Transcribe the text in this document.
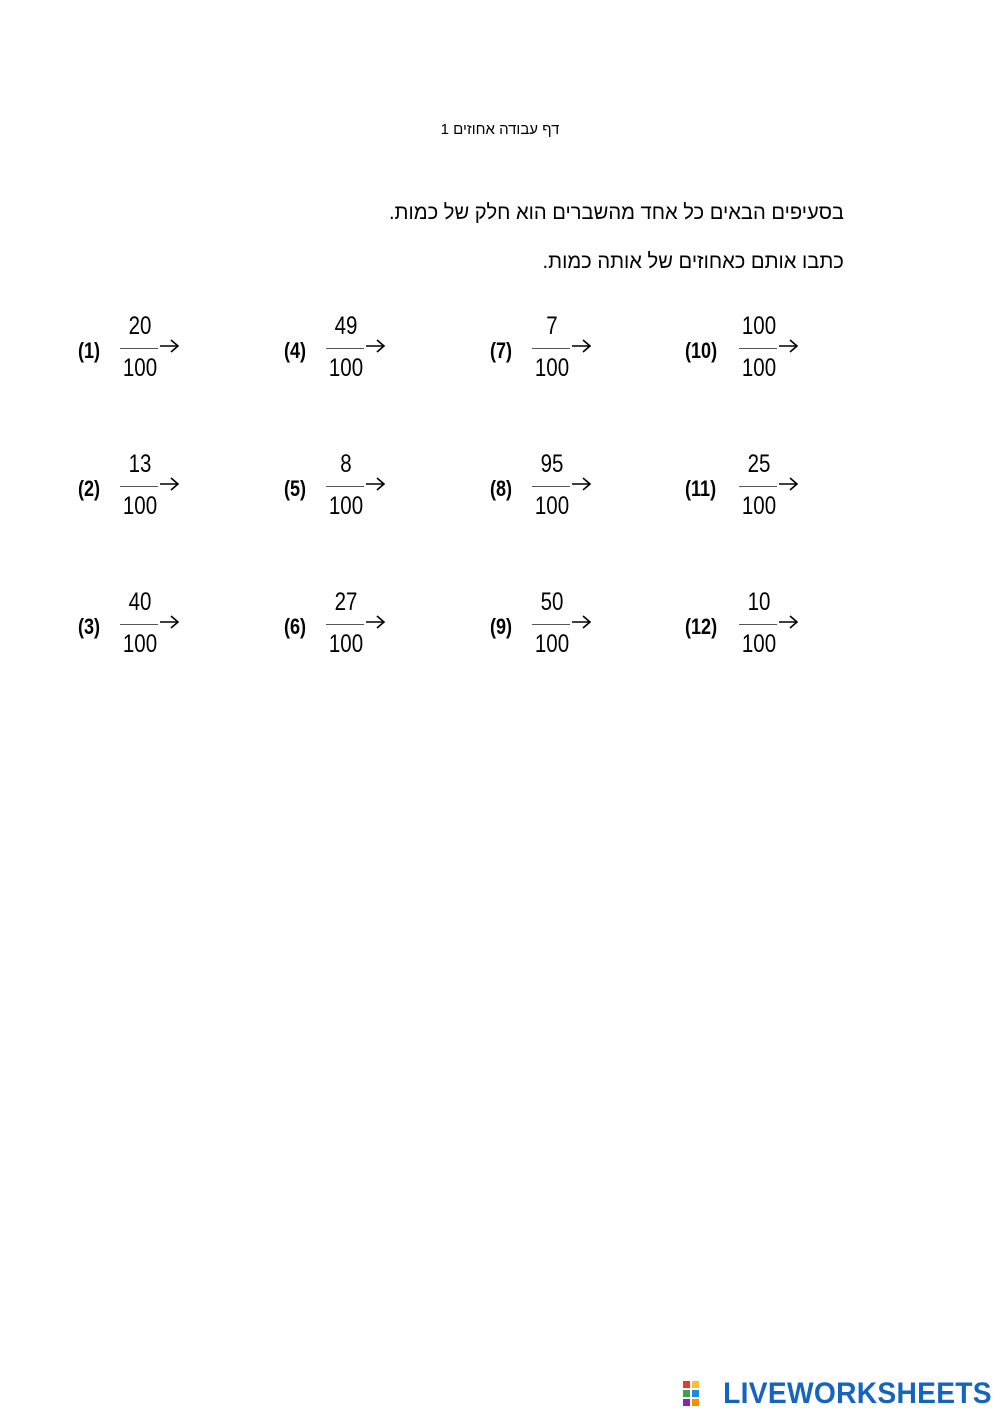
דף עבודה אחוזים 1
בסעיפים הבאים כל אחד מהשברים הוא חלק של כמות.
כתבו אותם כאחוזים של אותה כמות.
(1)
20
100
(2)
13
100
(3)
40
100
(4)
49
100
(5)
8
100
(6)
27
100
(7)
7
100
(8)
95
100
(9)
50
100
(10)
100
100
(11)
25
100
(12)
10
100
LIVEWORKSHEETS
